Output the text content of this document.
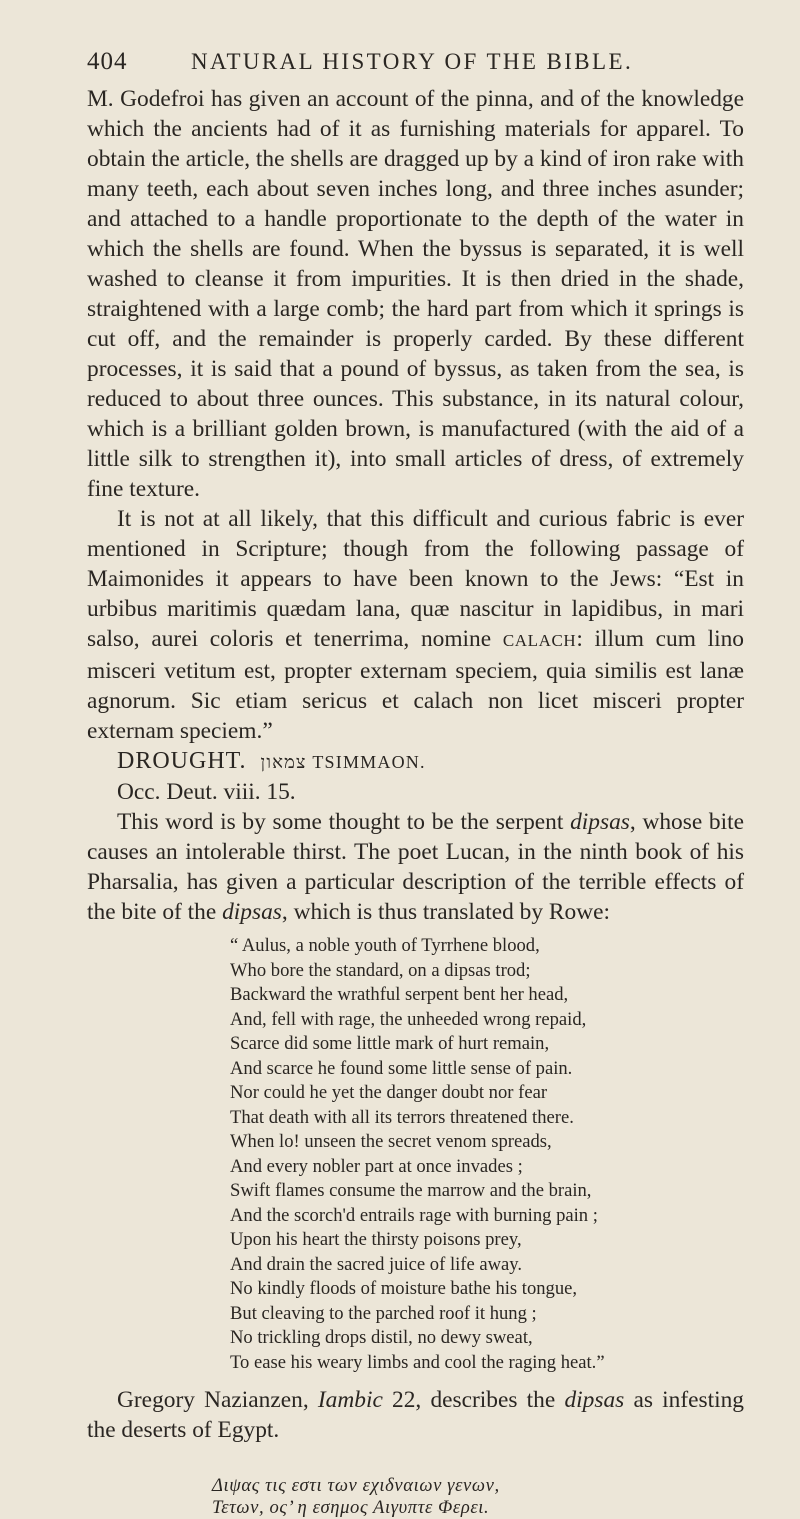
404	NATURAL HISTORY OF THE BIBLE.

M. Godefroi has given an account of the pinna, and of the knowledge which the ancients had of it as furnishing materials for apparel. To obtain the article, the shells are dragged up by a kind of iron rake with many teeth, each about seven inches long, and three inches asunder; and attached to a handle proportionate to the depth of the water in which the shells are found. When the byssus is separated, it is well washed to cleanse it from impurities. It is then dried in the shade, straightened with a large comb; the hard part from which it springs is cut off, and the remainder is properly carded. By these different processes, it is said that a pound of byssus, as taken from the sea, is reduced to about three ounces. This substance, in its natural colour, which is a brilliant golden brown, is manufactured (with the aid of a little silk to strengthen it), into small articles of dress, of extremely fine texture.

It is not at all likely, that this difficult and curious fabric is ever mentioned in Scripture; though from the following passage of Maimonides it appears to have been known to the Jews: “Est in urbibus maritimis quædam lana, quæ nascitur in lapidibus, in mari salso, aurei coloris et tenerrima, nomine CALACH: illum cum lino misceri vetitum est, propter externam speciem, quia similis est lanæ agnorum. Sic etiam sericus et calach non licet misceri propter externam speciem.”

DROUGHT. צמאון TSIMMAON.

Occ. Deut. viii. 15.

This word is by some thought to be the serpent dipsas, whose bite causes an intolerable thirst. The poet Lucan, in the ninth book of his Pharsalia, has given a particular description of the terrible effects of the bite of the dipsas, which is thus translated by Rowe:

“ Aulus, a noble youth of Tyrrhene blood,
Who bore the standard, on a dipsas trod;
Backward the wrathful serpent bent her head,
And, fell with rage, the unheeded wrong repaid,
Scarce did some little mark of hurt remain,
And scarce he found some little sense of pain.
Nor could he yet the danger doubt nor fear
That death with all its terrors threatened there.
When lo! unseen the secret venom spreads,
And every nobler part at once invades ;
Swift flames consume the marrow and the brain,
And the scorch'd entrails rage with burning pain ;
Upon his heart the thirsty poisons prey,
And drain the sacred juice of life away.
No kindly floods of moisture bathe his tongue,
But cleaving to the parched roof it hung ;
No trickling drops distil, no dewy sweat,
To ease his weary limbs and cool the raging heat.”

Gregory Nazianzen, Iambic 22, describes the dipsas as infesting the deserts of Egypt.

Διψας τις εστι των εχιδναιων γενων,
Τετων, ος’ η εσημος Αιγυπτε Φερει.
